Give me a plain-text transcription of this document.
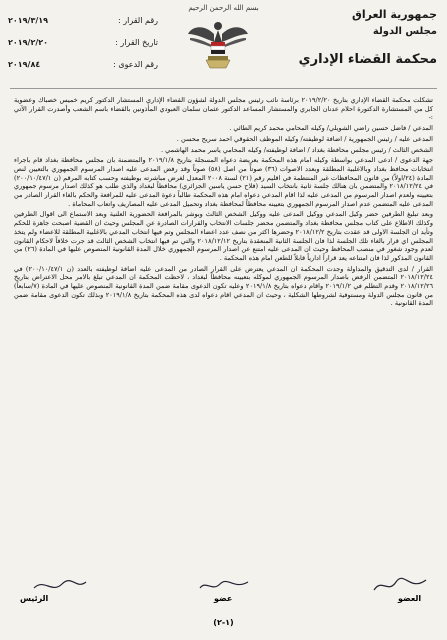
بسم الله الرحمن الرحيم	جمهورية العراق
مجلس الدولة
محكمة القضاء الإداري
رقم القرار :
٢٠١٩/٣/١٩
تاريخ القرار :
٢٠١٩/٢/٢٠
رقم الدعوى :
٢٠١٩/٨٤

تشكلت محكمة القضاء الإداري بتاريخ ٢٠١٩/٢/٢٠ برئاسة نائب رئيس مجلس الدولة لشؤون القضاء الإداري المستشار الدكتور كريم خميس خصباك وعضوية كل من المستشارة الدكتورة احلام عدنان الجابري والمستشار المساعد الدكتور عثمان سلمان العبودي المأذونين بالقضاء باسم الشعب وأصدرت القرار الآتي :-

المدعي / فاضل حسين راضي الشويلي/ وكيله المحامي محمد كريم الطائي .

المدعى عليه / رئيس الجمهورية / اضافة لوظيفته/ وكيله الموظف الحقوقي احمد سريح محسن .

الشخص الثالث / رئيس مجلس محافظة بغداد / اضافة لوظيفته/ وكيله المحامي ياسر محمد الهاشمي .

جهة الدعوى / ادعى المدعي بواسطة وكيله امام هذه المحكمة بعريضة دعواه المسجلة بتاريخ ٢٠١٩/١/٨ والمتضمنة بان مجلس محافظة بغداد قام باجراء انتخابات محافظ بغداد وبالاغلبية المطلقة وبعدد الاصوات (٣٦) صوتاً من اصل (٥٨) صوتاً وقد رفض المدعى عليه اصدار المرسوم الجمهوري بالتعيين لنص المادة (٢٤/اولاً) من قانون المحافظات غير المنتظمة في اقليم رقم (٢١) لسنة ٢٠٠٨ المعدل لغرض مباشرته بوظيفته وحسب كتابه المرقم (ن ٢٠٠/١٠/٤٧/١) في ٢٠١٨/١٢/٢٤ والمتضمن بان هنالك جلسة ثانية بانتخاب السيد (فلاح حسن ياسين الجزائري) محافظاً لبغداد والذي طلب هو كذلك اصدار مرسوم جمهوري بتعيينه ولعدم اصدار المرسوم من المدعى عليه لذا اقام المدعي دعواه امام هذه المحكمة طالباً دعوة المدعى عليه للمرافعة والحكم بالغاء القرار الصادر من المدعى عليه المتضمن عدم اصدار المرسوم الجمهوري بتعيينه محافظاً لمحافظة بغداد وتحميل المدعى عليه المصاريف واتعاب المحاماة .

وبعد تبليغ الطرفين حضر وكيل المدعي ووكيل المدعى عليه ووكيل الشخص الثالث وبوشر بالمرافعة الحضورية العلنية وبعد الاستماع الى اقوال الطرفين وكذلك الاطلاع على كتاب مجلس محافظة بغداد والمتضمن محضر جلسات الانتخاب والقرارات الصادرة عن المجلس وحيث ان القضية اصبحت جاهزة للحكم وتأيد ان الجلسة الاولى قد عقدت بتاريخ ٢٠١٨/١٢/٢ وحضرها اكثر من نصف عدد اعضاء المجلس وتم فيها انتخاب المدعي بالاغلبية المطلقة للاعضاء ولم يتخذ المجلس اي قرار بالغاء تلك الجلسة لذا فان الجلسة الثانية المنعقدة بتاريخ ٢٠١٨/١٢/١٢ والتي تم فيها انتخاب الشخص الثالث قد جرت خلافاً لاحكام القانون لعدم وجود شغور في منصب المحافظ وحيث ان المدعى عليه امتنع عن اصدار المرسوم الجمهوري خلال المدة القانونية المنصوص عليها في المادة (٢٦) من القانون المذكور لذا فان امتناعه يعد قراراً ادارياً قابلاً للطعن امام هذه المحكمة .

القرار / لدى التدقيق والمداولة وجدت المحكمة ان المدعي يعترض على القرار الصادر من المدعى عليه اضافة لوظيفته بالعدد (ن ٢٠٠/١٠/٤٧/١) في ٢٠١٨/١٢/٢٤ المتضمن الرفض باصدار المرسوم الجمهوري لموكله بتعيينه محافظاً لبغداد ، لاحظت المحكمة ان المدعي تبلغ بالامر محل الاعتراض بتاريخ ٢٠١٨/١٢/٢٦ وقدم التظلم في ٢٠١٩/١/٢ واقام دعواه بتاريخ ٢٠١٩/١/٨ وعليه تكون الدعوى مقامة ضمن المدة القانونية المنصوص عليها في المادة (٧/سابعاً) من قانون مجلس الدولة ومستوفية لشروطها الشكلية ، وحيث ان المدعي اقام دعواه لدى هذه المحكمة بتاريخ ٢٠١٩/١/٨ وبذلك تكون الدعوى مقامة ضمن المدة القانونية .

العضو
عضو
الرئيس
(١-٢)
